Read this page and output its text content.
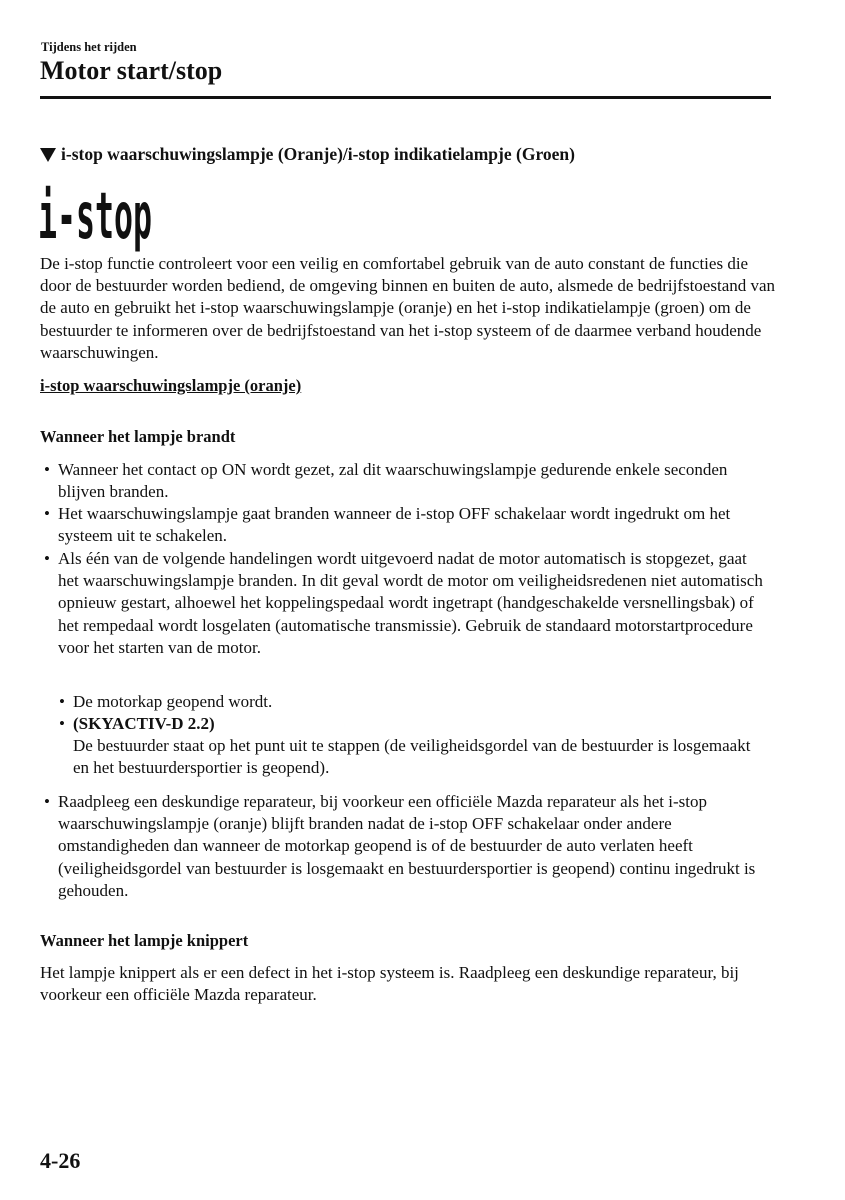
Tijdens het rijden
Motor start/stop
i-stop waarschuwingslampje (Oranje)/i-stop indikatielampje (Groen)
i-stop
De i-stop functie controleert voor een veilig en comfortabel gebruik van de auto constant de functies die door de bestuurder worden bediend, de omgeving binnen en buiten de auto, alsmede de bedrijfstoestand van de auto en gebruikt het i-stop waarschuwingslampje (oranje) en het i-stop indikatielampje (groen) om de bestuurder te informeren over de bedrijfstoestand van het i-stop systeem of de daarmee verband houdende waarschuwingen.
i-stop waarschuwingslampje (oranje)
Wanneer het lampje brandt
• Wanneer het contact op ON wordt gezet, zal dit waarschuwingslampje gedurende enkele seconden blijven branden.
• Het waarschuwingslampje gaat branden wanneer de i-stop OFF schakelaar wordt ingedrukt om het systeem uit te schakelen.
• Als één van de volgende handelingen wordt uitgevoerd nadat de motor automatisch is stopgezet, gaat het waarschuwingslampje branden. In dit geval wordt de motor om veiligheidsredenen niet automatisch opnieuw gestart, alhoewel het koppelingspedaal wordt ingetrapt (handgeschakelde versnellingsbak) of het rempedaal wordt losgelaten (automatische transmissie). Gebruik de standaard motorstartprocedure voor het starten van de motor.
• De motorkap geopend wordt.
• (SKYACTIV-D 2.2)
De bestuurder staat op het punt uit te stappen (de veiligheidsgordel van de bestuurder is losgemaakt en het bestuurdersportier is geopend).
• Raadpleeg een deskundige reparateur, bij voorkeur een officiële Mazda reparateur als het i-stop waarschuwingslampje (oranje) blijft branden nadat de i-stop OFF schakelaar onder andere omstandigheden dan wanneer de motorkap geopend is of de bestuurder de auto verlaten heeft (veiligheidsgordel van bestuurder is losgemaakt en bestuurdersportier is geopend) continu ingedrukt is gehouden.
Wanneer het lampje knippert
Het lampje knippert als er een defect in het i-stop systeem is. Raadpleeg een deskundige reparateur, bij voorkeur een officiële Mazda reparateur.
4-26
